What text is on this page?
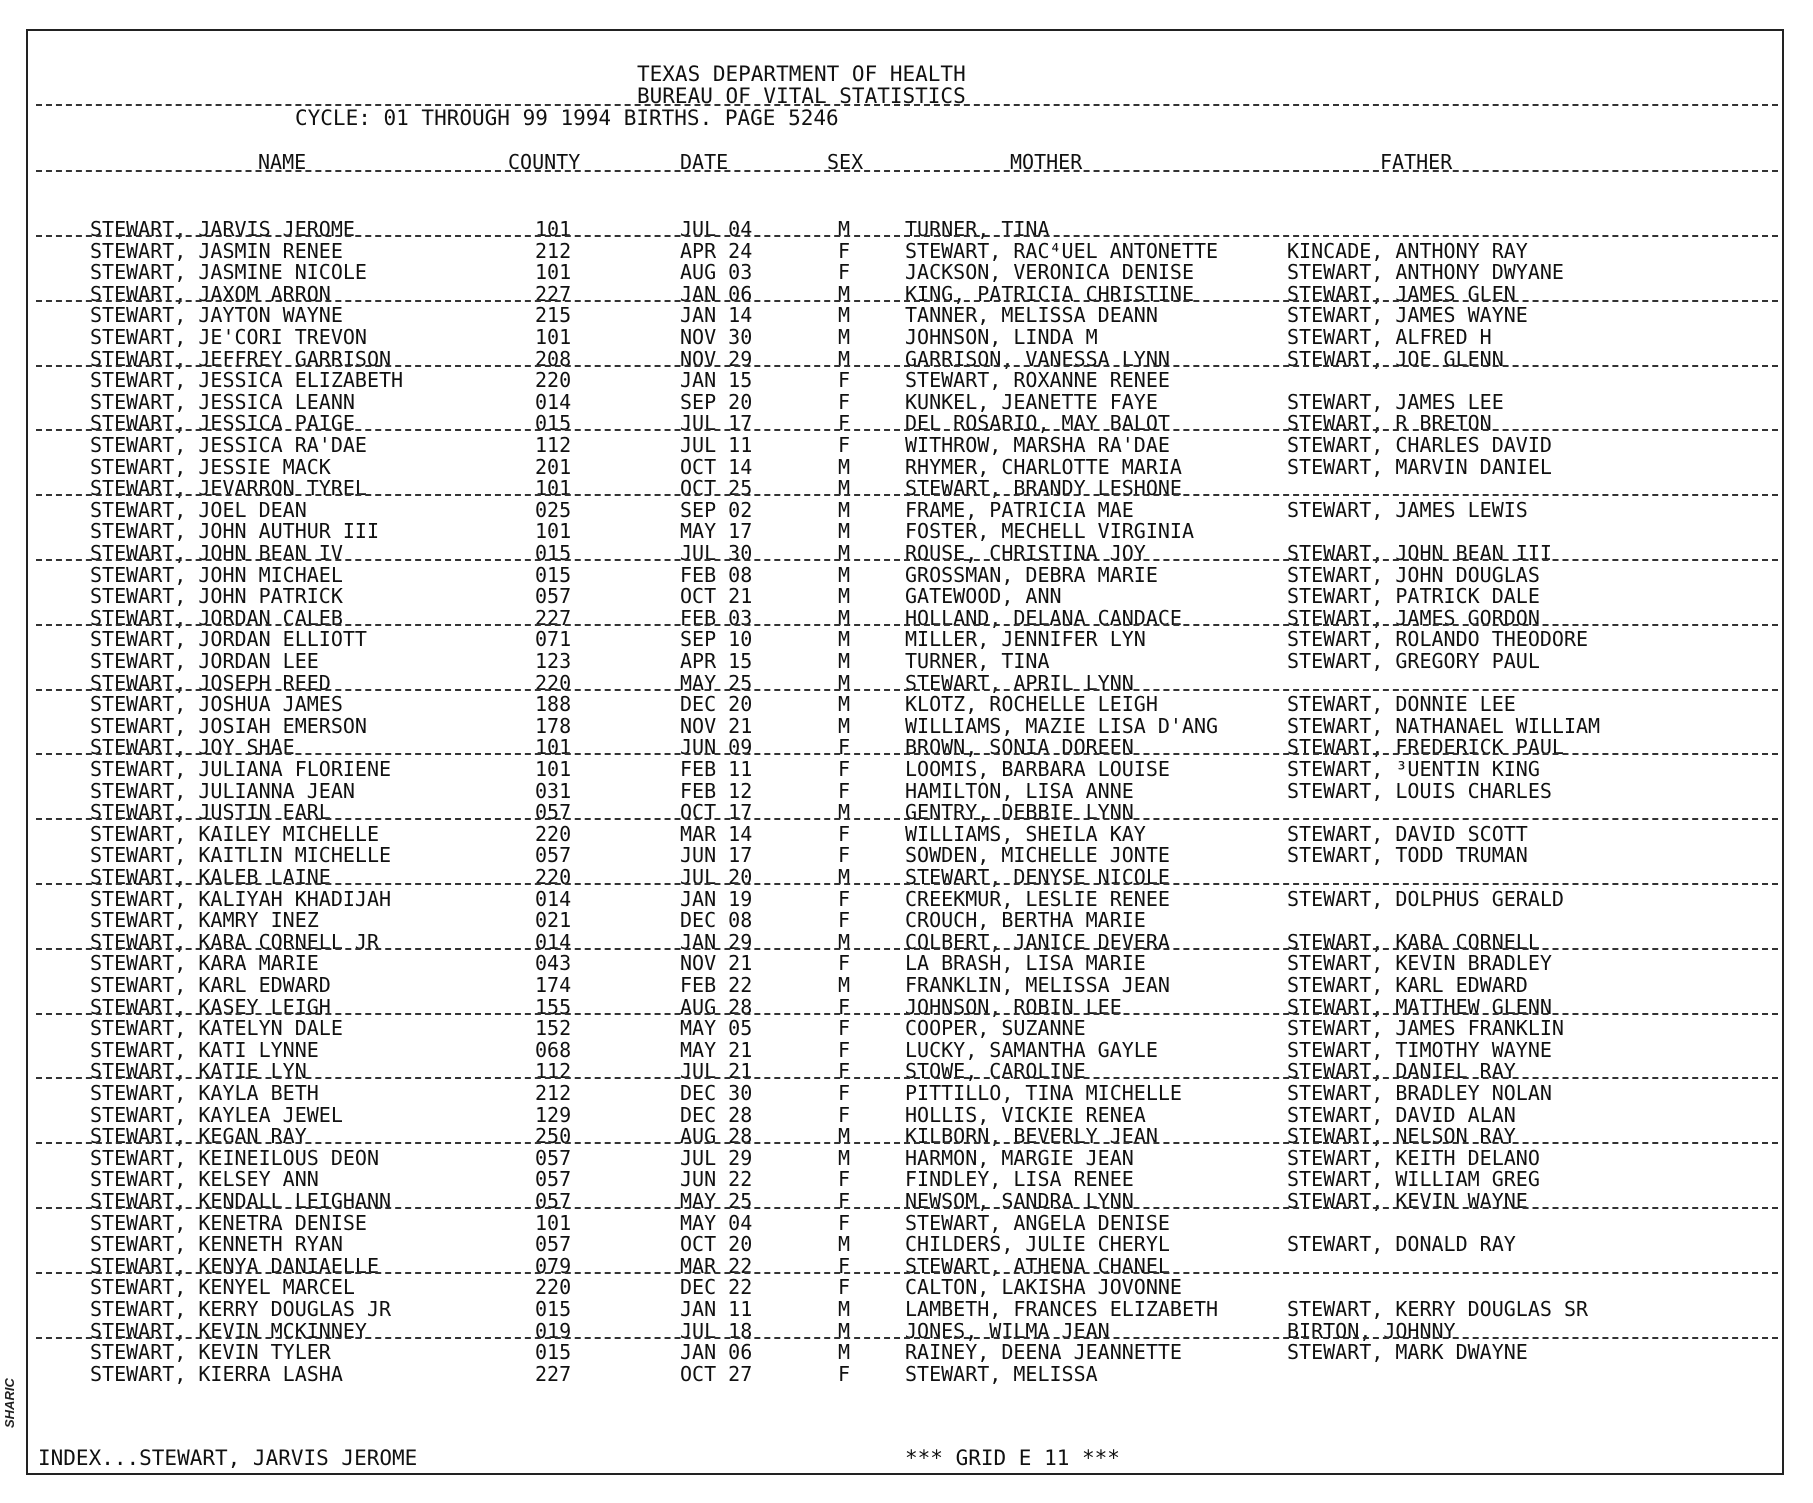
SHARIC
TEXAS DEPARTMENT OF HEALTH
BUREAU OF VITAL STATISTICS
CYCLE: 01 THROUGH 99 1994 BIRTHS. PAGE 5246
NAME	COUNTY	DATE	SEX	MOTHER	FATHER
STEWART, JARVIS JEROME	101	JUL 04	M	TURNER, TINA
STEWART, JASMIN RENEE	212	APR 24	F	STEWART, RAC⁴UEL ANTONETTE	KINCADE, ANTHONY RAY
STEWART, JASMINE NICOLE	101	AUG 03	F	JACKSON, VERONICA DENISE	STEWART, ANTHONY DWYANE
STEWART, JAXOM ARRON	227	JAN 06	M	KING, PATRICIA CHRISTINE	STEWART, JAMES GLEN
STEWART, JAYTON WAYNE	215	JAN 14	M	TANNER, MELISSA DEANN	STEWART, JAMES WAYNE
STEWART, JE'CORI TREVON	101	NOV 30	M	JOHNSON, LINDA M	STEWART, ALFRED H
STEWART, JEFFREY GARRISON	208	NOV 29	M	GARRISON, VANESSA LYNN	STEWART, JOE GLENN
STEWART, JESSICA ELIZABETH	220	JAN 15	F	STEWART, ROXANNE RENEE
STEWART, JESSICA LEANN	014	SEP 20	F	KUNKEL, JEANETTE FAYE	STEWART, JAMES LEE
STEWART, JESSICA PAIGE	015	JUL 17	F	DEL ROSARIO, MAY BALOT	STEWART, R BRETON
STEWART, JESSICA RA'DAE	112	JUL 11	F	WITHROW, MARSHA RA'DAE	STEWART, CHARLES DAVID
STEWART, JESSIE MACK	201	OCT 14	M	RHYMER, CHARLOTTE MARIA	STEWART, MARVIN DANIEL
STEWART, JEVARRON TYREL	101	OCT 25	M	STEWART, BRANDY LESHONE
STEWART, JOEL DEAN	025	SEP 02	M	FRAME, PATRICIA MAE	STEWART, JAMES LEWIS
STEWART, JOHN AUTHUR III	101	MAY 17	M	FOSTER, MECHELL VIRGINIA
STEWART, JOHN BEAN IV	015	JUL 30	M	ROUSE, CHRISTINA JOY	STEWART, JOHN BEAN III
STEWART, JOHN MICHAEL	015	FEB 08	M	GROSSMAN, DEBRA MARIE	STEWART, JOHN DOUGLAS
STEWART, JOHN PATRICK	057	OCT 21	M	GATEWOOD, ANN	STEWART, PATRICK DALE
STEWART, JORDAN CALEB	227	FEB 03	M	HOLLAND, DELANA CANDACE	STEWART, JAMES GORDON
STEWART, JORDAN ELLIOTT	071	SEP 10	M	MILLER, JENNIFER LYN	STEWART, ROLANDO THEODORE
STEWART, JORDAN LEE	123	APR 15	M	TURNER, TINA	STEWART, GREGORY PAUL
STEWART, JOSEPH REED	220	MAY 25	M	STEWART, APRIL LYNN
STEWART, JOSHUA JAMES	188	DEC 20	M	KLOTZ, ROCHELLE LEIGH	STEWART, DONNIE LEE
STEWART, JOSIAH EMERSON	178	NOV 21	M	WILLIAMS, MAZIE LISA D'ANG	STEWART, NATHANAEL WILLIAM
STEWART, JOY SHAE	101	JUN 09	F	BROWN, SONIA DOREEN	STEWART, FREDERICK PAUL
STEWART, JULIANA FLORIENE	101	FEB 11	F	LOOMIS, BARBARA LOUISE	STEWART, ³UENTIN KING
STEWART, JULIANNA JEAN	031	FEB 12	F	HAMILTON, LISA ANNE	STEWART, LOUIS CHARLES
STEWART, JUSTIN EARL	057	OCT 17	M	GENTRY, DEBBIE LYNN
STEWART, KAILEY MICHELLE	220	MAR 14	F	WILLIAMS, SHEILA KAY	STEWART, DAVID SCOTT
STEWART, KAITLIN MICHELLE	057	JUN 17	F	SOWDEN, MICHELLE JONTE	STEWART, TODD TRUMAN
STEWART, KALEB LAINE	220	JUL 20	M	STEWART, DENYSE NICOLE
STEWART, KALIYAH KHADIJAH	014	JAN 19	F	CREEKMUR, LESLIE RENEE	STEWART, DOLPHUS GERALD
STEWART, KAMRY INEZ	021	DEC 08	F	CROUCH, BERTHA MARIE
STEWART, KARA CORNELL JR	014	JAN 29	M	COLBERT, JANICE DEVERA	STEWART, KARA CORNELL
STEWART, KARA MARIE	043	NOV 21	F	LA BRASH, LISA MARIE	STEWART, KEVIN BRADLEY
STEWART, KARL EDWARD	174	FEB 22	M	FRANKLIN, MELISSA JEAN	STEWART, KARL EDWARD
STEWART, KASEY LEIGH	155	AUG 28	F	JOHNSON, ROBIN LEE	STEWART, MATTHEW GLENN
STEWART, KATELYN DALE	152	MAY 05	F	COOPER, SUZANNE	STEWART, JAMES FRANKLIN
STEWART, KATI LYNNE	068	MAY 21	F	LUCKY, SAMANTHA GAYLE	STEWART, TIMOTHY WAYNE
STEWART, KATIE LYN	112	JUL 21	F	STOWE, CAROLINE	STEWART, DANIEL RAY
STEWART, KAYLA BETH	212	DEC 30	F	PITTILLO, TINA MICHELLE	STEWART, BRADLEY NOLAN
STEWART, KAYLEA JEWEL	129	DEC 28	F	HOLLIS, VICKIE RENEA	STEWART, DAVID ALAN
STEWART, KEGAN RAY	250	AUG 28	M	KILBORN, BEVERLY JEAN	STEWART, NELSON RAY
STEWART, KEINEILOUS DEON	057	JUL 29	M	HARMON, MARGIE JEAN	STEWART, KEITH DELANO
STEWART, KELSEY ANN	057	JUN 22	F	FINDLEY, LISA RENEE	STEWART, WILLIAM GREG
STEWART, KENDALL LEIGHANN	057	MAY 25	F	NEWSOM, SANDRA LYNN	STEWART, KEVIN WAYNE
STEWART, KENETRA DENISE	101	MAY 04	F	STEWART, ANGELA DENISE
STEWART, KENNETH RYAN	057	OCT 20	M	CHILDERS, JULIE CHERYL	STEWART, DONALD RAY
STEWART, KENYA DANIAELLE	079	MAR 22	F	STEWART, ATHENA CHANEL
STEWART, KENYEL MARCEL	220	DEC 22	F	CALTON, LAKISHA JOVONNE
STEWART, KERRY DOUGLAS JR	015	JAN 11	M	LAMBETH, FRANCES ELIZABETH	STEWART, KERRY DOUGLAS SR
STEWART, KEVIN MCKINNEY	019	JUL 18	M	JONES, WILMA JEAN	BIRTON, JOHNNY
STEWART, KEVIN TYLER	015	JAN 06	M	RAINEY, DEENA JEANNETTE	STEWART, MARK DWAYNE
STEWART, KIERRA LASHA	227	OCT 27	F	STEWART, MELISSA
INDEX...STEWART, JARVIS JEROME	*** GRID E 11 ***
